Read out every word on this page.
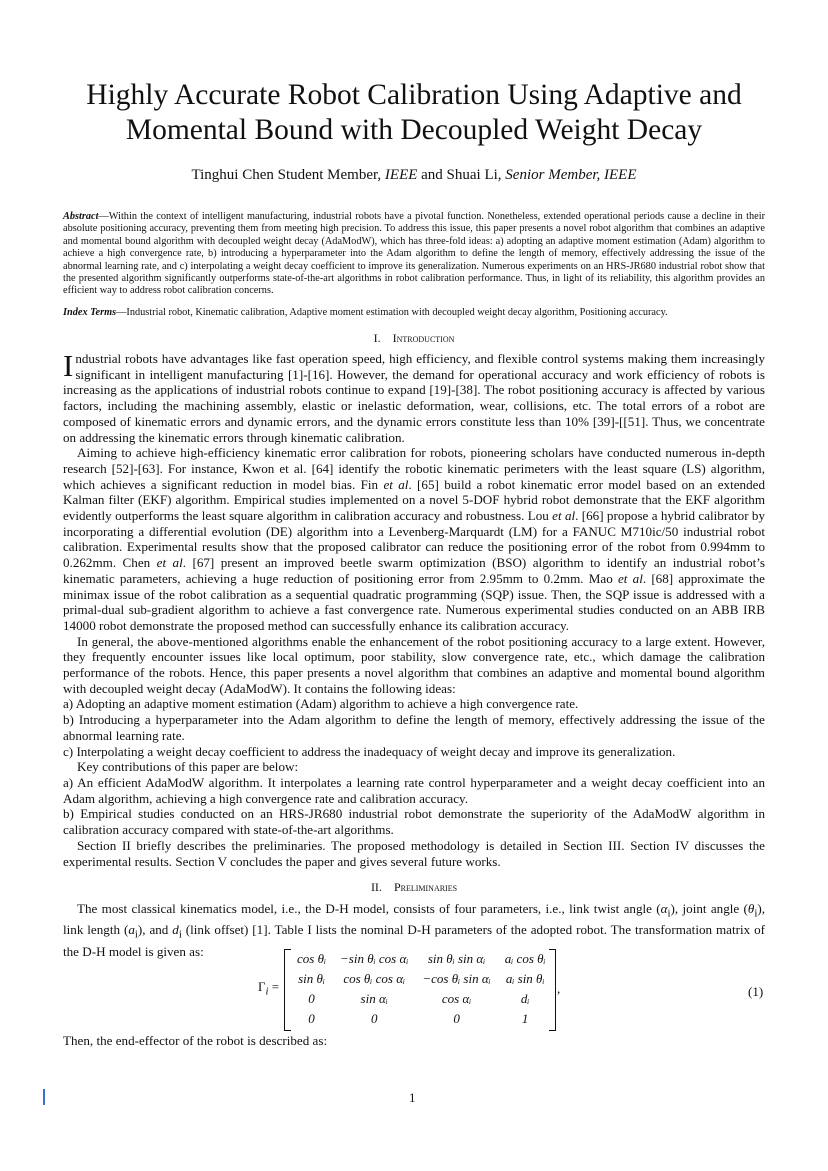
Highly Accurate Robot Calibration Using Adaptive and Momental Bound with Decoupled Weight Decay
Tinghui Chen Student Member, IEEE and Shuai Li, Senior Member, IEEE
Abstract—Within the context of intelligent manufacturing, industrial robots have a pivotal function. Nonetheless, extended operational periods cause a decline in their absolute positioning accuracy, preventing them from meeting high precision. To address this issue, this paper presents a novel robot algorithm that combines an adaptive and momental bound algorithm with decoupled weight decay (AdaModW), which has three-fold ideas: a) adopting an adaptive moment estimation (Adam) algorithm to achieve a high convergence rate, b) introducing a hyperparameter into the Adam algorithm to define the length of memory, effectively addressing the issue of the abnormal learning rate, and c) interpolating a weight decay coefficient to improve its generalization. Numerous experiments on an HRS-JR680 industrial robot show that the presented algorithm significantly outperforms state-of-the-art algorithms in robot calibration performance. Thus, in light of its reliability, this algorithm provides an efficient way to address robot calibration concerns.
Index Terms—Industrial robot, Kinematic calibration, Adaptive moment estimation with decoupled weight decay algorithm, Positioning accuracy.
I. Introduction

Industrial robots have advantages like fast operation speed, high efficiency, and flexible control systems making them increasingly significant in intelligent manufacturing [1]-[16]. However, the demand for operational accuracy and work efficiency of robots is increasing as the applications of industrial robots continue to expand [19]-[38]. The robot positioning accuracy is affected by various factors, including the machining assembly, elastic or inelastic deformation, wear, collisions, etc. The total errors of a robot are composed of kinematic errors and dynamic errors, and the dynamic errors constitute less than 10% [39]-[[51]. Thus, we concentrate on addressing the kinematic errors through kinematic calibration.

Aiming to achieve high-efficiency kinematic error calibration for robots, pioneering scholars have conducted numerous in-depth research [52]-[63]. For instance, Kwon et al. [64] identify the robotic kinematic perimeters with the least square (LS) algorithm, which achieves a significant reduction in model bias. Fin et al. [65] build a robot kinematic error model based on an extended Kalman filter (EKF) algorithm. Empirical studies implemented on a novel 5-DOF hybrid robot demonstrate that the EKF algorithm evidently outperforms the least square algorithm in calibration accuracy and robustness. Lou et al. [66] propose a hybrid calibrator by incorporating a differential evolution (DE) algorithm into a Levenberg-Marquardt (LM) for a FANUC M710ic/50 industrial robot calibration. Experimental results show that the proposed calibrator can reduce the positioning error of the robot from 0.994mm to 0.262mm. Chen et al. [67] present an improved beetle swarm optimization (BSO) algorithm to identify an industrial robot’s kinematic parameters, achieving a huge reduction of positioning error from 2.95mm to 0.2mm. Mao et al. [68] approximate the minimax issue of the robot calibration as a sequential quadratic programming (SQP) issue. Then, the SQP issue is addressed with a primal-dual sub-gradient algorithm to achieve a fast convergence rate. Numerous experimental studies conducted on an ABB IRB 14000 robot demonstrate the proposed method can successfully enhance its calibration accuracy.

In general, the above-mentioned algorithms enable the enhancement of the robot positioning accuracy to a large extent. However, they frequently encounter issues like local optimum, poor stability, slow convergence rate, etc., which damage the calibration performance of the robots. Hence, this paper presents a novel algorithm that combines an adaptive and momental bound algorithm with decoupled weight decay (AdaModW). It contains the following ideas:

a) Adopting an adaptive moment estimation (Adam) algorithm to achieve a high convergence rate.

b) Introducing a hyperparameter into the Adam algorithm to define the length of memory, effectively addressing the issue of the abnormal learning rate.

c) Interpolating a weight decay coefficient to address the inadequacy of weight decay and improve its generalization.

Key contributions of this paper are below:

a) An efficient AdaModW algorithm. It interpolates a learning rate control hyperparameter and a weight decay coefficient into an Adam algorithm, achieving a high convergence rate and calibration accuracy.

b) Empirical studies conducted on an HRS-JR680 industrial robot demonstrate the superiority of the AdaModW algorithm in calibration accuracy compared with state-of-the-art algorithms.

Section II briefly describes the preliminaries. The proposed methodology is detailed in Section III. Section IV discusses the experimental results. Section V concludes the paper and gives several future works.

II. Preliminaries

The most classical kinematics model, i.e., the D-H model, consists of four parameters, i.e., link twist angle $(\alpha_i)$, joint angle $(\theta_i)$, link length $(a_i)$, and $d_i$ (link offset) [1]. Table I lists the nominal D-H parameters of the adopted robot. The transformation matrix of the D-H model is given as:

$\Gamma_i$ =
cos θᵢ	−sin θᵢ cos αᵢ	sin θᵢ sin αᵢ	aᵢ cos θᵢ
sin θᵢ	cos θᵢ cos αᵢ	−cos θᵢ sin αᵢ	aᵢ sin θᵢ
0	sin αᵢ	cos αᵢ	dᵢ
0	0	0	1
,	(1)
Then, the end-effector of the robot is described as:
1
